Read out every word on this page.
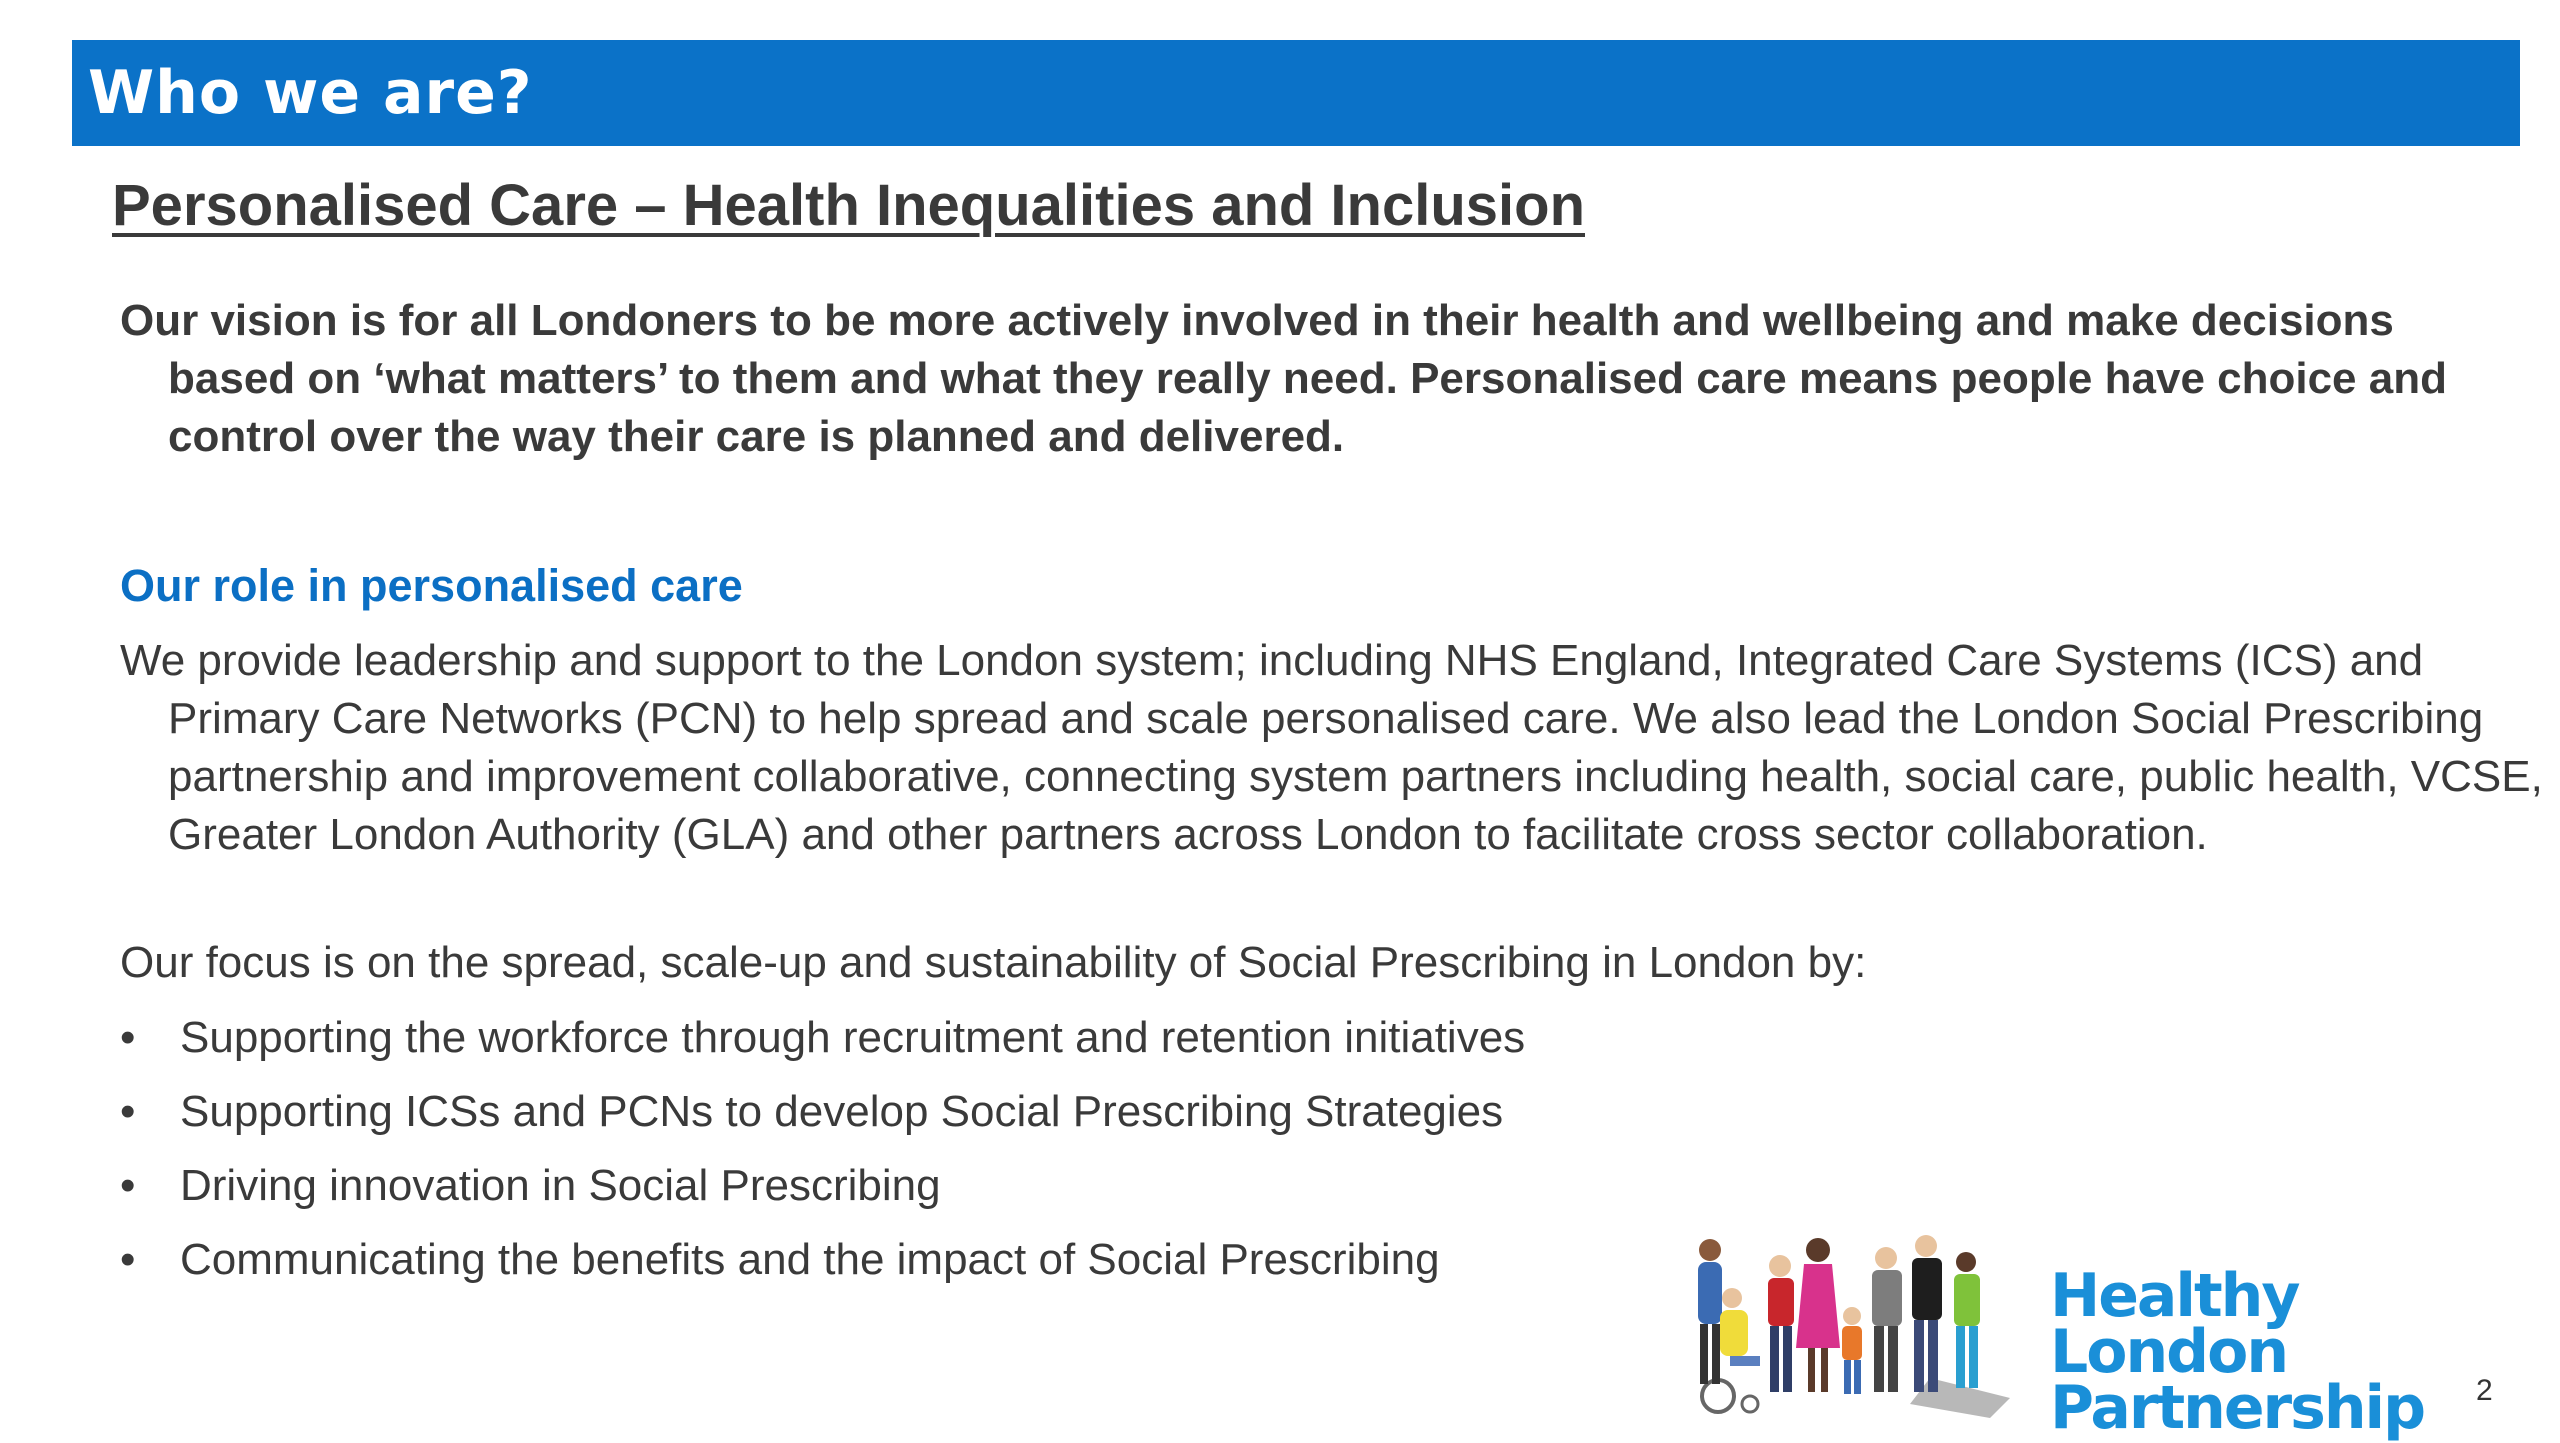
Who we are?
Personalised Care – Health Inequalities and Inclusion
Our vision is for all Londoners to be more actively involved in their health and wellbeing and make decisions based on ‘what matters’ to them and what they really need. Personalised care means people have choice and control over the way their care is planned and delivered.
Our role in personalised care
We provide leadership and support to the London system; including NHS England, Integrated Care Systems (ICS) and Primary Care Networks (PCN) to help spread and scale personalised care. We also lead the London Social Prescribing partnership and improvement collaborative, connecting system partners including health, social care, public health, VCSE, Greater London Authority (GLA) and other partners across London to facilitate cross sector collaboration.
Our focus is on the spread, scale-up and sustainability of Social Prescribing in London by:
•	Supporting the workforce through recruitment and retention initiatives
•	Supporting ICSs and PCNs to develop Social Prescribing Strategies
•	Driving innovation in Social Prescribing
•	Communicating the benefits and the impact of Social Prescribing
Healthy London
Partnership	2
